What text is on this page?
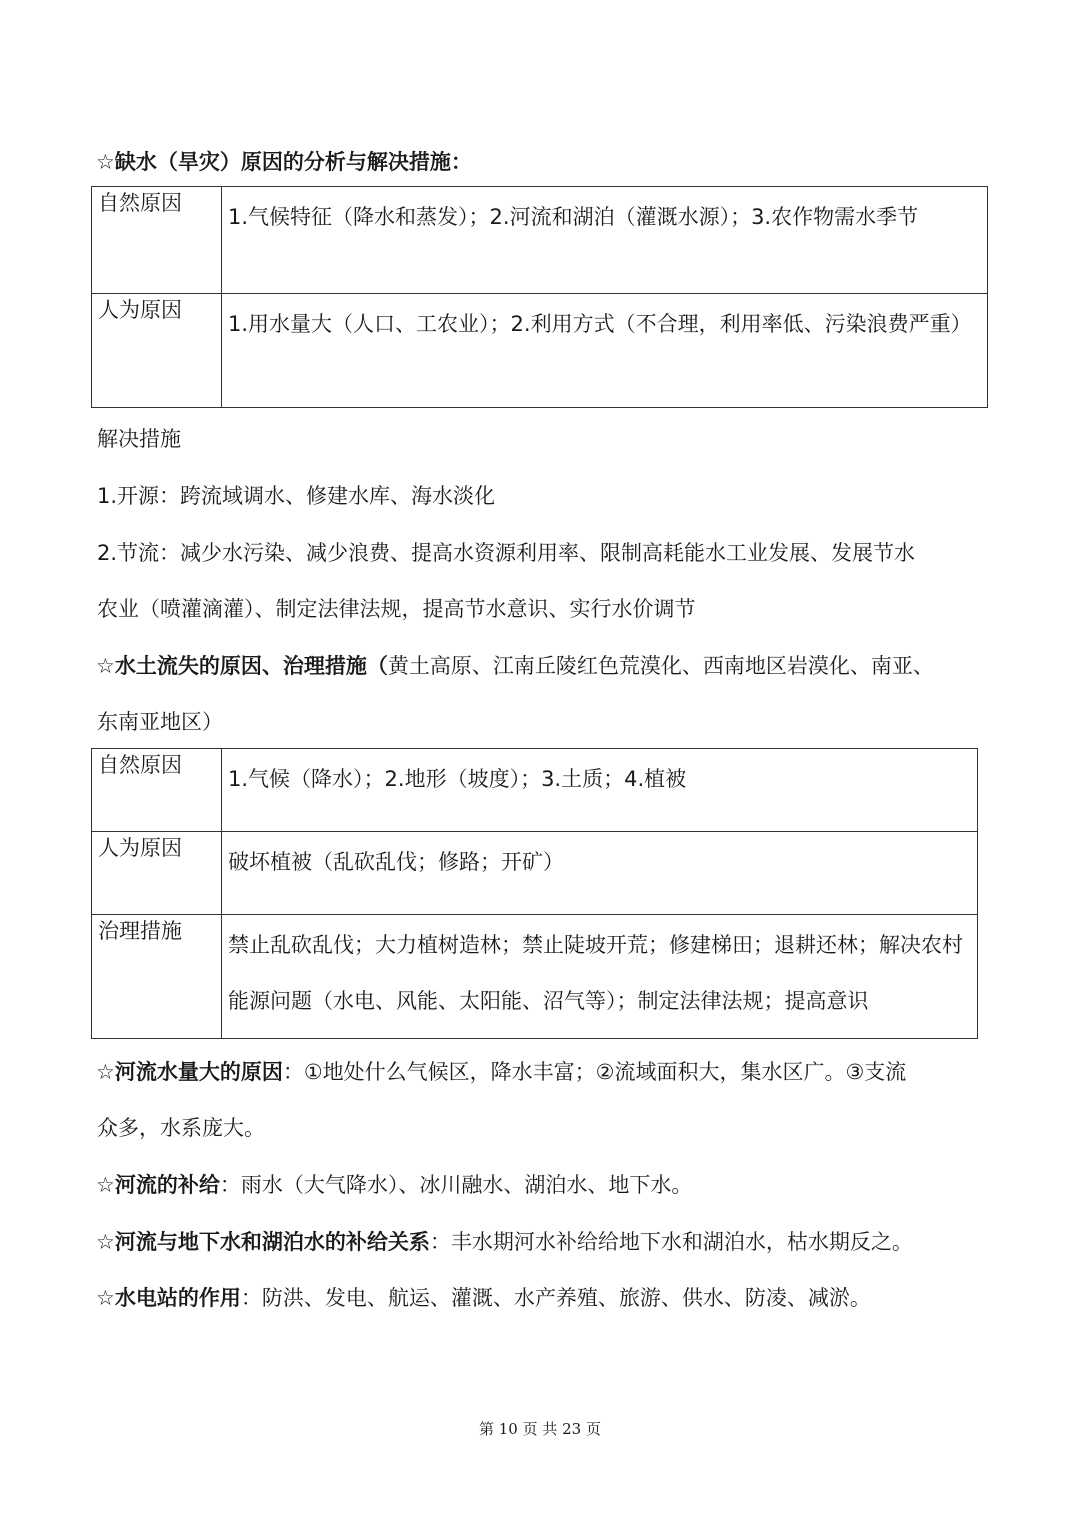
☆缺水（旱灾）原因的分析与解决措施：
自然原因	1.气候特征（降水和蒸发）；2.河流和湖泊（灌溉水源）；3.农作物需水季节
人为原因	1.用水量大（人口、工农业）；2.利用方式（不合理，利用率低、污染浪费严重）
解决措施
1.开源：跨流域调水、修建水库、海水淡化
2.节流：减少水污染、减少浪费、提高水资源利用率、限制高耗能水工业发展、发展节水
农业（喷灌滴灌）、制定法律法规，提高节水意识、实行水价调节
☆水土流失的原因、治理措施（黄土高原、江南丘陵红色荒漠化、西南地区岩漠化、南亚、
东南亚地区）
自然原因	1.气候（降水）；2.地形（坡度）；3.土质；4.植被
人为原因	破坏植被（乱砍乱伐；修路；开矿）
治理措施	禁止乱砍乱伐；大力植树造林；禁止陡坡开荒；修建梯田；退耕还林；解决农村能源问题（水电、风能、太阳能、沼气等）；制定法律法规；提高意识
☆河流水量大的原因：①地处什么气候区，降水丰富；②流域面积大，集水区广。③支流
众多，水系庞大。
☆河流的补给：雨水（大气降水）、冰川融水、湖泊水、地下水。
☆河流与地下水和湖泊水的补给关系：丰水期河水补给给地下水和湖泊水，枯水期反之。
☆水电站的作用：防洪、发电、航运、灌溉、水产养殖、旅游、供水、防凌、减淤。
第 10 页 共 23 页
